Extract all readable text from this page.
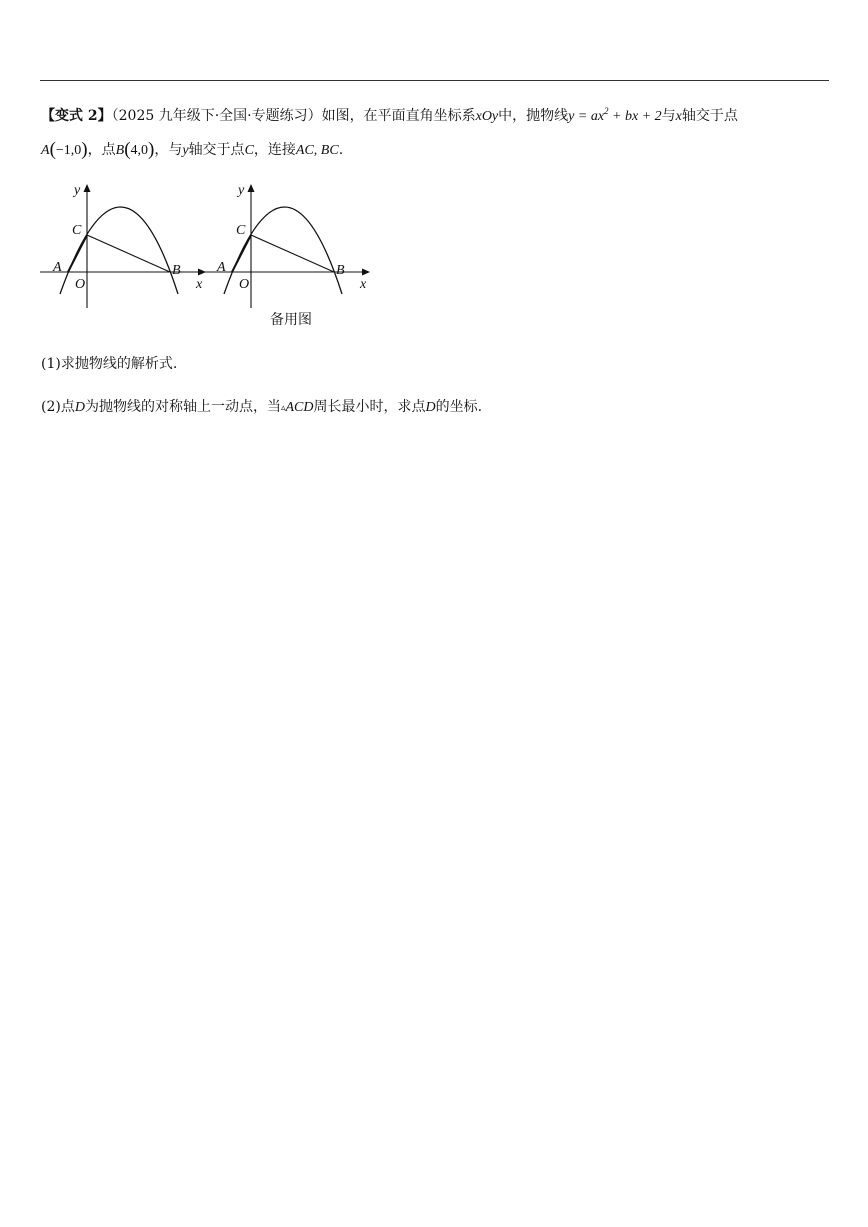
【变式 2】（2025 九年级下·全国·专题练习）如图，在平面直角坐标系xOy中，抛物线$y = ax^2$ + bx + 2与x轴交于点
A(−1,0)，点B(4,0)，与y轴交于点C，连接AC, BC.
y
x
O
A	B
C
y
x
O
A	B
C
备用图
(1)求抛物线的解析式.
(2)点D为抛物线的对称轴上一动点，当▵ACD周长最小时，求点D的坐标.
